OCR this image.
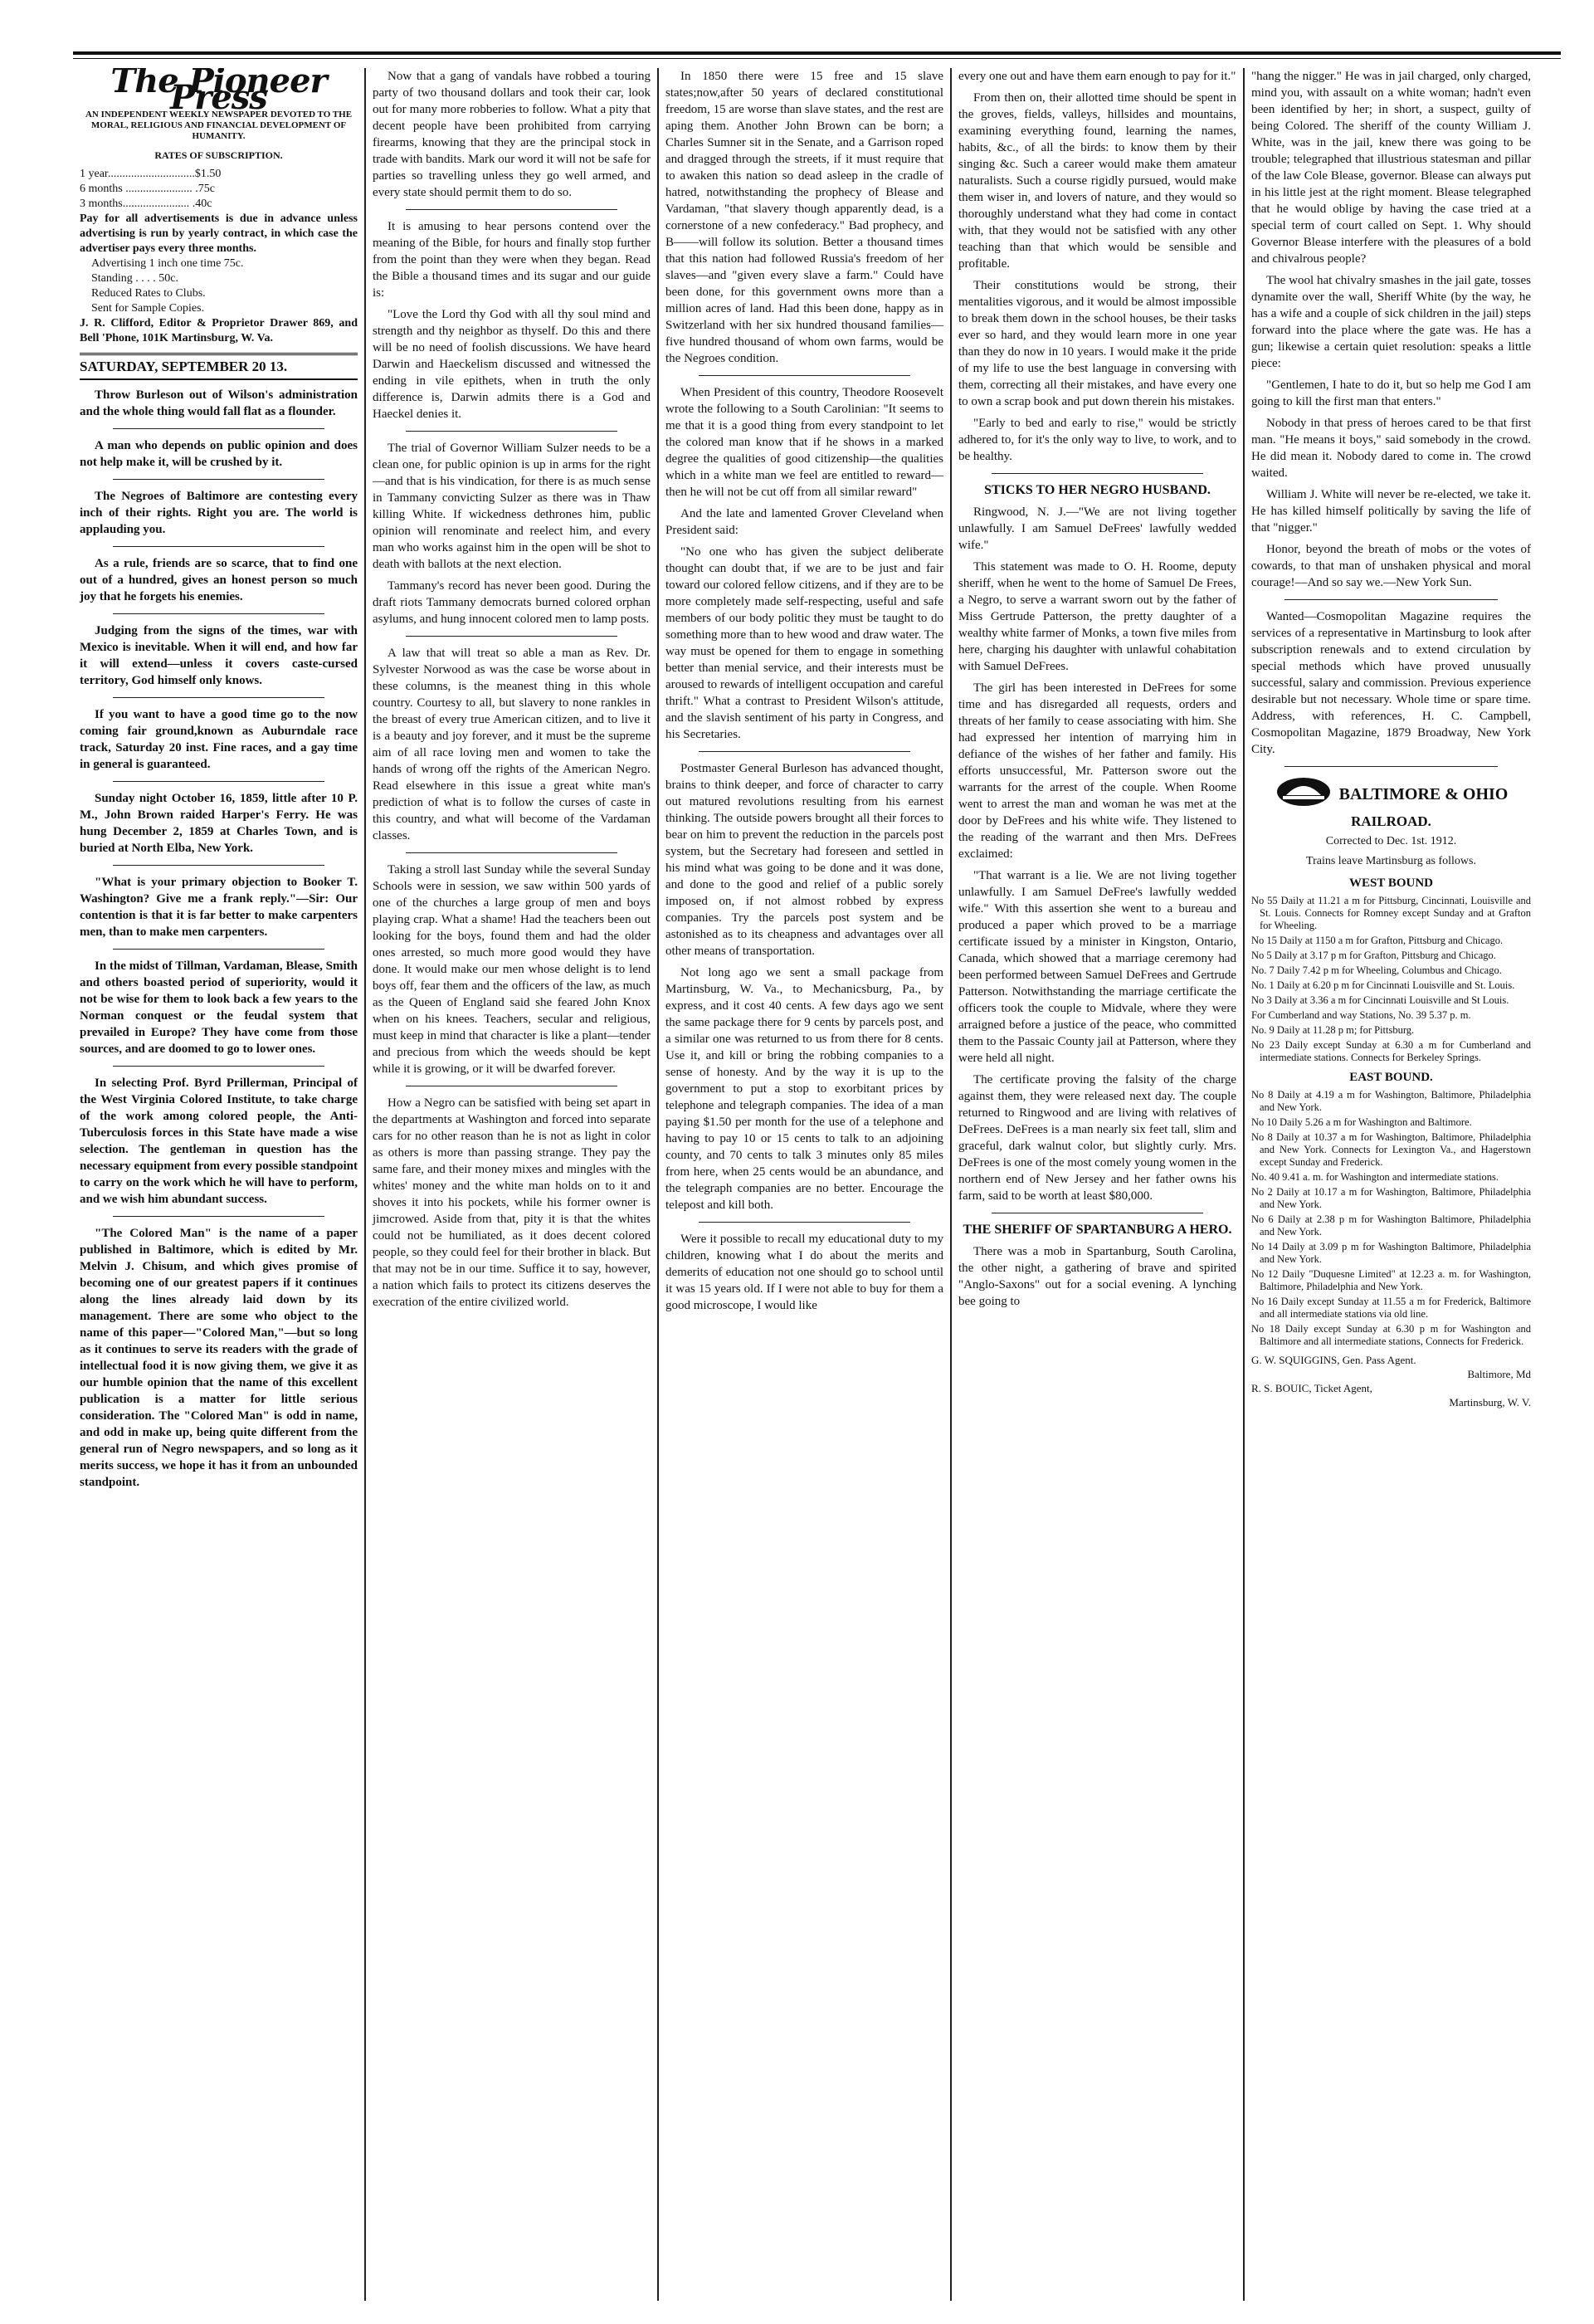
The Pioneer Press
AN INDEPENDENT WEEKLY NEWSPAPER DEVOTED TO THE MORAL, RELIGIOUS AND FINANCIAL DEVELOPMENT OF HUMANITY.
RATES OF SUBSCRIPTION.
1 year..............................$1.50
6 months ....................... .75c
3 months....................... .40c
Pay for all advertisements is due in advance unless advertising is run by yearly contract, in which case the advertiser pays every three months.
Advertising 1 inch one time 75c.
Standing . . . . 50c.
Reduced Rates to Clubs.
Sent for Sample Copies.
J. R. Clifford, Editor & Proprietor Drawer 869, and Bell 'Phone, 101K Martinsburg, W. Va.
SATURDAY, SEPTEMBER 20 13.

Throw Burleson out of Wilson's administration and the whole thing would fall flat as a flounder.

A man who depends on public opinion and does not help make it, will be crushed by it.

The Negroes of Baltimore are contesting every inch of their rights. Right you are. The world is applauding you.

As a rule, friends are so scarce, that to find one out of a hundred, gives an honest person so much joy that he forgets his enemies.

Judging from the signs of the times, war with Mexico is inevitable. When it will end, and how far it will extend—unless it covers caste-cursed territory, God himself only knows.

If you want to have a good time go to the now coming fair ground,known as Auburndale race track, Saturday 20 inst. Fine races, and a gay time in general is guaranteed.

Sunday night October 16, 1859, little after 10 P. M., John Brown raided Harper's Ferry. He was hung December 2, 1859 at Charles Town, and is buried at North Elba, New York.

"What is your primary objection to Booker T. Washington? Give me a frank reply."—Sir: Our contention is that it is far better to make carpenters men, than to make men carpenters.

In the midst of Tillman, Vardaman, Blease, Smith and others boasted period of superiority, would it not be wise for them to look back a few years to the Norman conquest or the feudal system that prevailed in Europe? They have come from those sources, and are doomed to go to lower ones.

In selecting Prof. Byrd Prillerman, Principal of the West Virginia Colored Institute, to take charge of the work among colored people, the Anti-Tuberculosis forces in this State have made a wise selection. The gentleman in question has the necessary equipment from every possible standpoint to carry on the work which he will have to perform, and we wish him abundant success.

"The Colored Man" is the name of a paper published in Baltimore, which is edited by Mr. Melvin J. Chisum, and which gives promise of becoming one of our greatest papers if it continues along the lines already laid down by its management. There are some who object to the name of this paper—"Colored Man,"—but so long as it continues to serve its readers with the grade of intellectual food it is now giving them, we give it as our humble opinion that the name of this excellent publication is a matter for little serious consideration. The "Colored Man" is odd in name, and odd in make up, being quite different from the general run of Negro newspapers, and so long as it merits success, we hope it has it from an unbounded standpoint.

Now that a gang of vandals have robbed a touring party of two thousand dollars and took their car, look out for many more robberies to follow. What a pity that decent people have been prohibited from carrying firearms, knowing that they are the principal stock in trade with bandits. Mark our word it will not be safe for parties so travelling unless they go well armed, and every state should permit them to do so.

It is amusing to hear persons contend over the meaning of the Bible, for hours and finally stop further from the point than they were when they began. Read the Bible a thousand times and its sugar and our guide is:

"Love the Lord thy God with all thy soul mind and strength and thy neighbor as thyself. Do this and there will be no need of foolish discussions. We have heard Darwin and Haeckelism discussed and witnessed the ending in vile epithets, when in truth the only difference is, Darwin admits there is a God and Haeckel denies it.

The trial of Governor William Sulzer needs to be a clean one, for public opinion is up in arms for the right—and that is his vindication, for there is as much sense in Tammany convicting Sulzer as there was in Thaw killing White. If wickedness dethrones him, public opinion will renominate and reelect him, and every man who works against him in the open will be shot to death with ballots at the next election.

Tammany's record has never been good. During the draft riots Tammany democrats burned colored orphan asylums, and hung innocent colored men to lamp posts.

A law that will treat so able a man as Rev. Dr. Sylvester Norwood as was the case be worse about in these columns, is the meanest thing in this whole country. Courtesy to all, but slavery to none rankles in the breast of every true American citizen, and to live it is a beauty and joy forever, and it must be the supreme aim of all race loving men and women to take the hands of wrong off the rights of the American Negro. Read elsewhere in this issue a great white man's prediction of what is to follow the curses of caste in this country, and what will become of the Vardaman classes.

Taking a stroll last Sunday while the several Sunday Schools were in session, we saw within 500 yards of one of the churches a large group of men and boys playing crap. What a shame! Had the teachers been out looking for the boys, found them and had the older ones arrested, so much more good would they have done. It would make our men whose delight is to lend boys off, fear them and the officers of the law, as much as the Queen of England said she feared John Knox when on his knees. Teachers, secular and religious, must keep in mind that character is like a plant—tender and precious from which the weeds should be kept while it is growing, or it will be dwarfed forever.

How a Negro can be satisfied with being set apart in the departments at Washington and forced into separate cars for no other reason than he is not as light in color as others is more than passing strange. They pay the same fare, and their money mixes and mingles with the whites' money and the white man holds on to it and shoves it into his pockets, while his former owner is jimcrowed. Aside from that, pity it is that the whites could not be humiliated, as it does decent colored people, so they could feel for their brother in black. But that may not be in our time. Suffice it to say, however, a nation which fails to protect its citizens deserves the execration of the entire civilized world.

In 1850 there were 15 free and 15 slave states;now,after 50 years of declared constitutional freedom, 15 are worse than slave states, and the rest are aping them. Another John Brown can be born; a Charles Sumner sit in the Senate, and a Garrison roped and dragged through the streets, if it must require that to awaken this nation so dead asleep in the cradle of hatred, notwithstanding the prophecy of Blease and Vardaman, "that slavery though apparently dead, is a cornerstone of a new confederacy." Bad prophecy, and B——will follow its solution. Better a thousand times that this nation had followed Russia's freedom of her slaves—and "given every slave a farm." Could have been done, for this government owns more than a million acres of land. Had this been done, happy as in Switzerland with her six hundred thousand families—five hundred thousand of whom own farms, would be the Negroes condition.

When President of this country, Theodore Roosevelt wrote the following to a South Carolinian: "It seems to me that it is a good thing from every standpoint to let the colored man know that if he shows in a marked degree the qualities of good citizenship—the qualities which in a white man we feel are entitled to reward—then he will not be cut off from all similar reward"

And the late and lamented Grover Cleveland when President said:

"No one who has given the subject deliberate thought can doubt that, if we are to be just and fair toward our colored fellow citizens, and if they are to be more completely made self-respecting, useful and safe members of our body politic they must be taught to do something more than to hew wood and draw water. The way must be opened for them to engage in something better than menial service, and their interests must be aroused to rewards of intelligent occupation and careful thrift." What a contrast to President Wilson's attitude, and the slavish sentiment of his party in Congress, and his Secretaries.

Postmaster General Burleson has advanced thought, brains to think deeper, and force of character to carry out matured revolutions resulting from his earnest thinking. The outside powers brought all their forces to bear on him to prevent the reduction in the parcels post system, but the Secretary had foreseen and settled in his mind what was going to be done and it was done, and done to the good and relief of a public sorely imposed on, if not almost robbed by express companies. Try the parcels post system and be astonished as to its cheapness and advantages over all other means of transportation.

Not long ago we sent a small package from Martinsburg, W. Va., to Mechanicsburg, Pa., by express, and it cost 40 cents. A few days ago we sent the same package there for 9 cents by parcels post, and a similar one was returned to us from there for 8 cents. Use it, and kill or bring the robbing companies to a sense of honesty. And by the way it is up to the government to put a stop to exorbitant prices by telephone and telegraph companies. The idea of a man paying $1.50 per month for the use of a telephone and having to pay 10 or 15 cents to talk to an adjoining county, and 70 cents to talk 3 minutes only 85 miles from here, when 25 cents would be an abundance, and the telegraph companies are no better. Encourage the telepost and kill both.

Were it possible to recall my educational duty to my children, knowing what I do about the merits and demerits of education not one should go to school until it was 15 years old. If I were not able to buy for them a good microscope, I would like

every one out and have them earn enough to pay for it."

From then on, their allotted time should be spent in the groves, fields, valleys, hillsides and mountains, examining everything found, learning the names, habits, &c., of all the birds: to know them by their singing &c. Such a career would make them amateur naturalists. Such a course rigidly pursued, would make them wiser in, and lovers of nature, and they would so thoroughly understand what they had come in contact with, that they would not be satisfied with any other teaching than that which would be sensible and profitable.

Their constitutions would be strong, their mentalities vigorous, and it would be almost impossible to break them down in the school houses, be their tasks ever so hard, and they would learn more in one year than they do now in 10 years. I would make it the pride of my life to use the best language in conversing with them, correcting all their mistakes, and have every one to own a scrap book and put down therein his mistakes.

"Early to bed and early to rise," would be strictly adhered to, for it's the only way to live, to work, and to be healthy.

STICKS TO HER NEGRO HUSBAND.

Ringwood, N. J.—"We are not living together unlawfully. I am Samuel DeFrees' lawfully wedded wife."

This statement was made to O. H. Roome, deputy sheriff, when he went to the home of Samuel De Frees, a Negro, to serve a warrant sworn out by the father of Miss Gertrude Patterson, the pretty daughter of a wealthy white farmer of Monks, a town five miles from here, charging his daughter with unlawful cohabitation with Samuel DeFrees.

The girl has been interested in DeFrees for some time and has disregarded all requests, orders and threats of her family to cease associating with him. She had expressed her intention of marrying him in defiance of the wishes of her father and family. His efforts unsuccessful, Mr. Patterson swore out the warrants for the arrest of the couple. When Roome went to arrest the man and woman he was met at the door by DeFrees and his white wife. They listened to the reading of the warrant and then Mrs. DeFrees exclaimed:

"That warrant is a lie. We are not living together unlawfully. I am Samuel DeFree's lawfully wedded wife." With this assertion she went to a bureau and produced a paper which proved to be a marriage certificate issued by a minister in Kingston, Ontario, Canada, which showed that a marriage ceremony had been performed between Samuel DeFrees and Gertrude Patterson. Notwithstanding the marriage certificate the officers took the couple to Midvale, where they were arraigned before a justice of the peace, who committed them to the Passaic County jail at Patterson, where they were held all night.

The certificate proving the falsity of the charge against them, they were released next day. The couple returned to Ringwood and are living with relatives of DeFrees. DeFrees is a man nearly six feet tall, slim and graceful, dark walnut color, but slightly curly. Mrs. DeFrees is one of the most comely young women in the northern end of New Jersey and her father owns his farm, said to be worth at least $80,000.

THE SHERIFF OF SPARTANBURG A HERO.

There was a mob in Spartanburg, South Carolina, the other night, a gathering of brave and spirited "Anglo-Saxons" out for a social evening. A lynching bee going to

"hang the nigger." He was in jail charged, only charged, mind you, with assault on a white woman; hadn't even been identified by her; in short, a suspect, guilty of being Colored. The sheriff of the county William J. White, was in the jail, knew there was going to be trouble; telegraphed that illustrious statesman and pillar of the law Cole Blease, governor. Blease can always put in his little jest at the right moment. Blease telegraphed that he would oblige by having the case tried at a special term of court called on Sept. 1. Why should Governor Blease interfere with the pleasures of a bold and chivalrous people?

The wool hat chivalry smashes in the jail gate, tosses dynamite over the wall, Sheriff White (by the way, he has a wife and a couple of sick children in the jail) steps forward into the place where the gate was. He has a gun; likewise a certain quiet resolution: speaks a little piece:

"Gentlemen, I hate to do it, but so help me God I am going to kill the first man that enters."

Nobody in that press of heroes cared to be that first man. "He means it boys," said somebody in the crowd. He did mean it. Nobody dared to come in. The crowd waited.

William J. White will never be re-elected, we take it. He has killed himself politically by saving the life of that "nigger."

Honor, beyond the breath of mobs or the votes of cowards, to that man of unshaken physical and moral courage!—And so say we.—New York Sun.

Wanted—Cosmopolitan Magazine requires the services of a representative in Martinsburg to look after subscription renewals and to extend circulation by special methods which have proved unusually successful, salary and commission. Previous experience desirable but not necessary. Whole time or spare time. Address, with references, H. C. Campbell, Cosmopolitan Magazine, 1879 Broadway, New York City.

BALTIMORE & OHIO
RAILROAD.
Corrected to Dec. 1st. 1912.
Trains leave Martinsburg as follows.
WEST BOUND
No 55 Daily at 11.21 a m for Pittsburg, Cincinnati, Louisville and St. Louis. Connects for Romney except Sunday and at Grafton for Wheeling.
No 15 Daily at 1150 a m for Grafton, Pittsburg and Chicago.
No 5 Daily at 3.17 p m for Grafton, Pittsburg and Chicago.
No. 7 Daily 7.42 p m for Wheeling, Columbus and Chicago.
No. 1 Daily at 6.20 p m for Cincinnati Louisville and St. Louis.
No 3 Daily at 3.36 a m for Cincinnati Louisville and St Louis.
For Cumberland and way Stations, No. 39 5.37 p. m.
No. 9 Daily at 11.28 p m; for Pittsburg.
No 23 Daily except Sunday at 6.30 a m for Cumberland and intermediate stations. Connects for Berkeley Springs.
EAST BOUND.
No 8 Daily at 4.19 a m for Washington, Baltimore, Philadelphia and New York.
No 10 Daily 5.26 a m for Washington and Baltimore.
No 8 Daily at 10.37 a m for Washington, Baltimore, Philadelphia and New York. Connects for Lexington Va., and Hagerstown except Sunday and Frederick.
No. 40 9.41 a. m. for Washington and intermediate stations.
No 2 Daily at 10.17 a m for Washington, Baltimore, Philadelphia and New York.
No 6 Daily at 2.38 p m for Washington Baltimore, Philadelphia and New York.
No 14 Daily at 3.09 p m for Washington Baltimore, Philadelphia and New York.
No 12 Daily "Duquesne Limited" at 12.23 a. m. for Washington, Baltimore, Philadelphia and New York.
No 16 Daily except Sunday at 11.55 a m for Frederick, Baltimore and all intermediate stations via old line.
No 18 Daily except Sunday at 6.30 p m for Washington and Baltimore and all intermediate stations, Connects for Frederick.
G. W. SQUIGGINS, Gen. Pass Agent.
Baltimore, Md
R. S. BOUIC, Ticket Agent,
Martinsburg, W. V.
